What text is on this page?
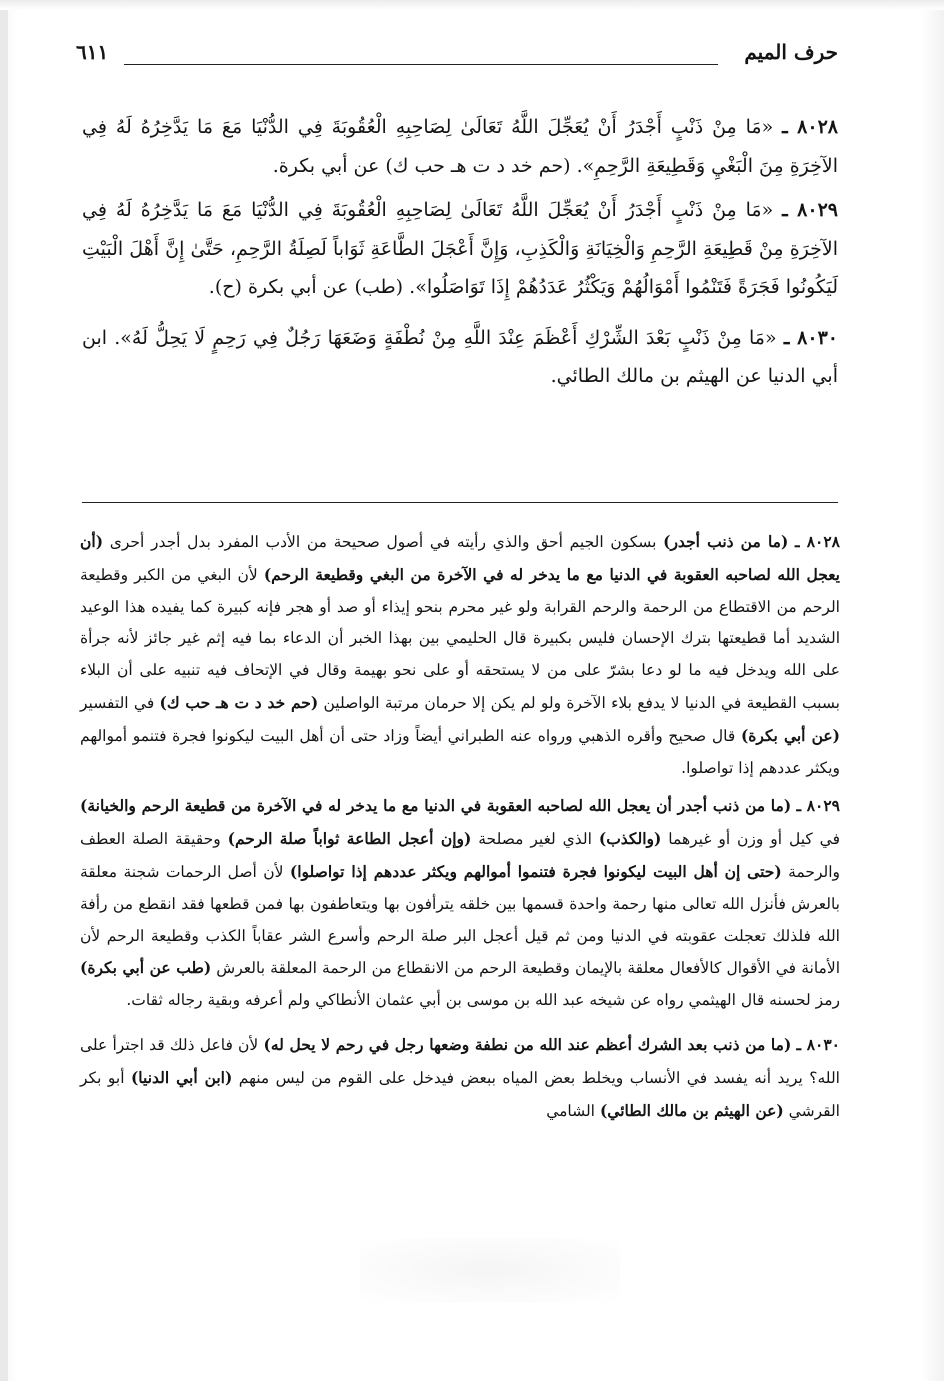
حرف الميم
٦١١

٨٠٢٨ ـ «مَا مِنْ ذَنْبٍ أَجْدَرُ أَنْ يُعَجِّلَ اللَّهُ تَعَالَىٰ لِصَاحِبِهِ الْعُقُوبَةَ فِي الدُّنْيَا مَعَ مَا يَدَّخِرُهُ لَهُ فِي الآخِرَةِ مِنَ الْبَغْيِ وَقَطِيعَةِ الرَّحِمِ». (حم خد د ت هـ حب ك) عن أبي بكرة.

٨٠٢٩ ـ «مَا مِنْ ذَنْبٍ أَجْدَرُ أَنْ يُعَجِّلَ اللَّهُ تَعَالَىٰ لِصَاحِبِهِ الْعُقُوبَةَ فِي الدُّنْيَا مَعَ مَا يَدَّخِرُهُ لَهُ فِي الآخِرَةِ مِنْ قَطِيعَةِ الرَّحِمِ وَالْخِيَانَةِ وَالْكَذِبِ، وَإِنَّ أَعْجَلَ الطَّاعَةِ ثَوَاباً لَصِلَةُ الرَّحِمِ، حَتَّىٰ إِنَّ أَهْلَ الْبَيْتِ لَيَكُونُوا فَجَرَةً فَتَنْمُوا أَمْوَالُهُمْ وَيَكْثُرُ عَدَدُهُمْ إِذَا تَوَاصَلُوا». (طب) عن أبي بكرة (ح).

٨٠٣٠ ـ «مَا مِنْ ذَنْبٍ بَعْدَ الشِّرْكِ أَعْظَمَ عِنْدَ اللَّهِ مِنْ نُطْفَةٍ وَضَعَهَا رَجُلٌ فِي رَحِمٍ لَا يَحِلُّ لَهُ». ابن أبي الدنيا عن الهيثم بن مالك الطائي.

٨٠٢٨ ـ (ما من ذنب أجدر) بسكون الجيم أحق والذي رأيته في أصول صحيحة من الأدب المفرد بدل أجدر أحرى (أن يعجل الله لصاحبه العقوبة في الدنيا مع ما يدخر له في الآخرة من البغي وقطيعة الرحم) لأن البغي من الكبر وقطيعة الرحم من الاقتطاع من الرحمة والرحم القرابة ولو غير محرم بنحو إيذاء أو صد أو هجر فإنه كبيرة كما يفيده هذا الوعيد الشديد أما قطيعتها بترك الإحسان فليس بكبيرة قال الحليمي بين بهذا الخبر أن الدعاء بما فيه إثم غير جائز لأنه جرأة على الله ويدخل فيه ما لو دعا بشرّ على من لا يستحقه أو على نحو بهيمة وقال في الإتحاف فيه تنبيه على أن البلاء بسبب القطيعة في الدنيا لا يدفع بلاء الآخرة ولو لم يكن إلا حرمان مرتبة الواصلين (حم خد د ت هـ حب ك) في التفسير (عن أبي بكرة) قال صحيح وأقره الذهبي ورواه عنه الطبراني أيضاً وزاد حتى أن أهل البيت ليكونوا فجرة فتنمو أموالهم ويكثر عددهم إذا تواصلوا.

٨٠٢٩ ـ (ما من ذنب أجدر أن يعجل الله لصاحبه العقوبة في الدنيا مع ما يدخر له في الآخرة من قطيعة الرحم والخيانة) في كيل أو وزن أو غيرهما (والكذب) الذي لغير مصلحة (وإن أعجل الطاعة ثواباً صلة الرحم) وحقيقة الصلة العطف والرحمة (حتى إن أهل البيت ليكونوا فجرة فتنموا أموالهم ويكثر عددهم إذا تواصلوا) لأن أصل الرحمات شجنة معلقة بالعرش فأنزل الله تعالى منها رحمة واحدة قسمها بين خلقه يترأفون بها ويتعاطفون بها فمن قطعها فقد انقطع من رأفة الله فلذلك تعجلت عقوبته في الدنيا ومن ثم قيل أعجل البر صلة الرحم وأسرع الشر عقاباً الكذب وقطيعة الرحم لأن الأمانة في الأقوال كالأفعال معلقة بالإيمان وقطيعة الرحم من الانقطاع من الرحمة المعلقة بالعرش (طب عن أبي بكرة) رمز لحسنه قال الهيثمي رواه عن شيخه عبد الله بن موسى بن أبي عثمان الأنطاكي ولم أعرفه وبقية رجاله ثقات.

٨٠٣٠ ـ (ما من ذنب بعد الشرك أعظم عند الله من نطفة وضعها رجل في رحم لا يحل له) لأن فاعل ذلك قد اجترأ على الله؟ يريد أنه يفسد في الأنساب ويخلط بعض المياه ببعض فيدخل على القوم من ليس منهم (ابن أبي الدنيا) أبو بكر القرشي (عن الهيثم بن مالك الطائي) الشامي
